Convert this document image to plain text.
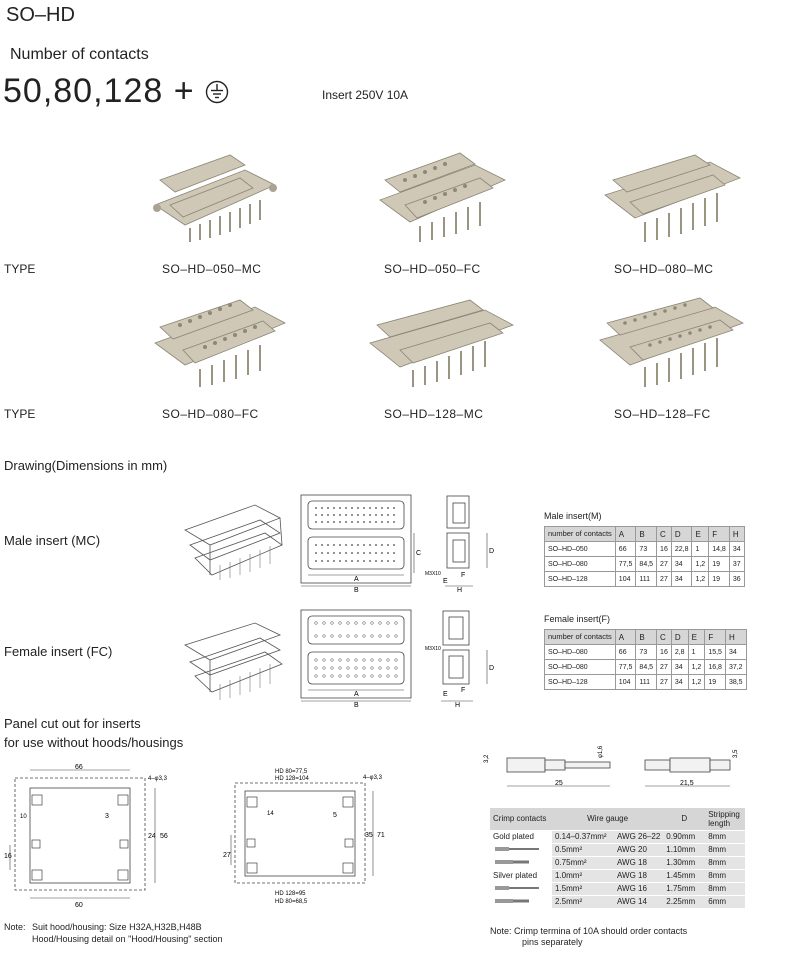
SO–HD
Number of contacts
50,80,128 +	Insert 250V 10A
TYPE	SO–HD–050–MC	SO–HD–050–FC	SO–HD–080–MC
TYPE	SO–HD–080–FC	SO–HD–128–MC	SO–HD–128–FC
Drawing(Dimensions in mm)
Male insert (MC)
Female insert (FC)
C
A
B
D
M3X10	F
E
H
A
B
M3X10
D
F
E
H
Male insert(M)
number of contacts	A	B	C	D	E	F	H
SO–HD–050	66	73	16	22,8	1	14,8	34
SO–HD–080	77,5	84,5	27	34	1,2	19	37
SO–HD–128	104	111	27	34	1,2	19	36
Female insert(F)
number of contacts	A	B	C	D	E	F	H
SO–HD–080	66	73	16	2,8	1	15,5	34
SO–HD–080	77,5	84,5	27	34	1,2	16,8	37,2
SO–HD–128	104	111	27	34	1,2	19	38,5
Panel cut out for inserts
for use without hoods/housings
66
60
4–φ3,3
10	3
24 56
16
HD 80=77,5
HD 128=104	4–φ3,3
14	5
35 71
27
HD 128=95
HD 80=68,5
Note: Suit hood/housing: Size H32A,H32B,H48B
Hood/Housing detail on "Hood/Housing" section
25
3,2
φ1,6
21,5
3,5
Crimp contacts	Wire gauge		D	Stripping length
Gold plated	0.14–0.37mm²	AWG 26–22	0.90mm	8mm
	0.5mm²	AWG 20	1.10mm	8mm
	0.75mm²	AWG 18	1.30mm	8mm
Silver plated	1.0mm²	AWG 18	1.45mm	8mm
	1.5mm²	AWG 16	1.75mm	8mm
	2.5mm²	AWG 14	2.25mm	6mm
Note: Crimp termina of 10A should order contacts
pins separately
